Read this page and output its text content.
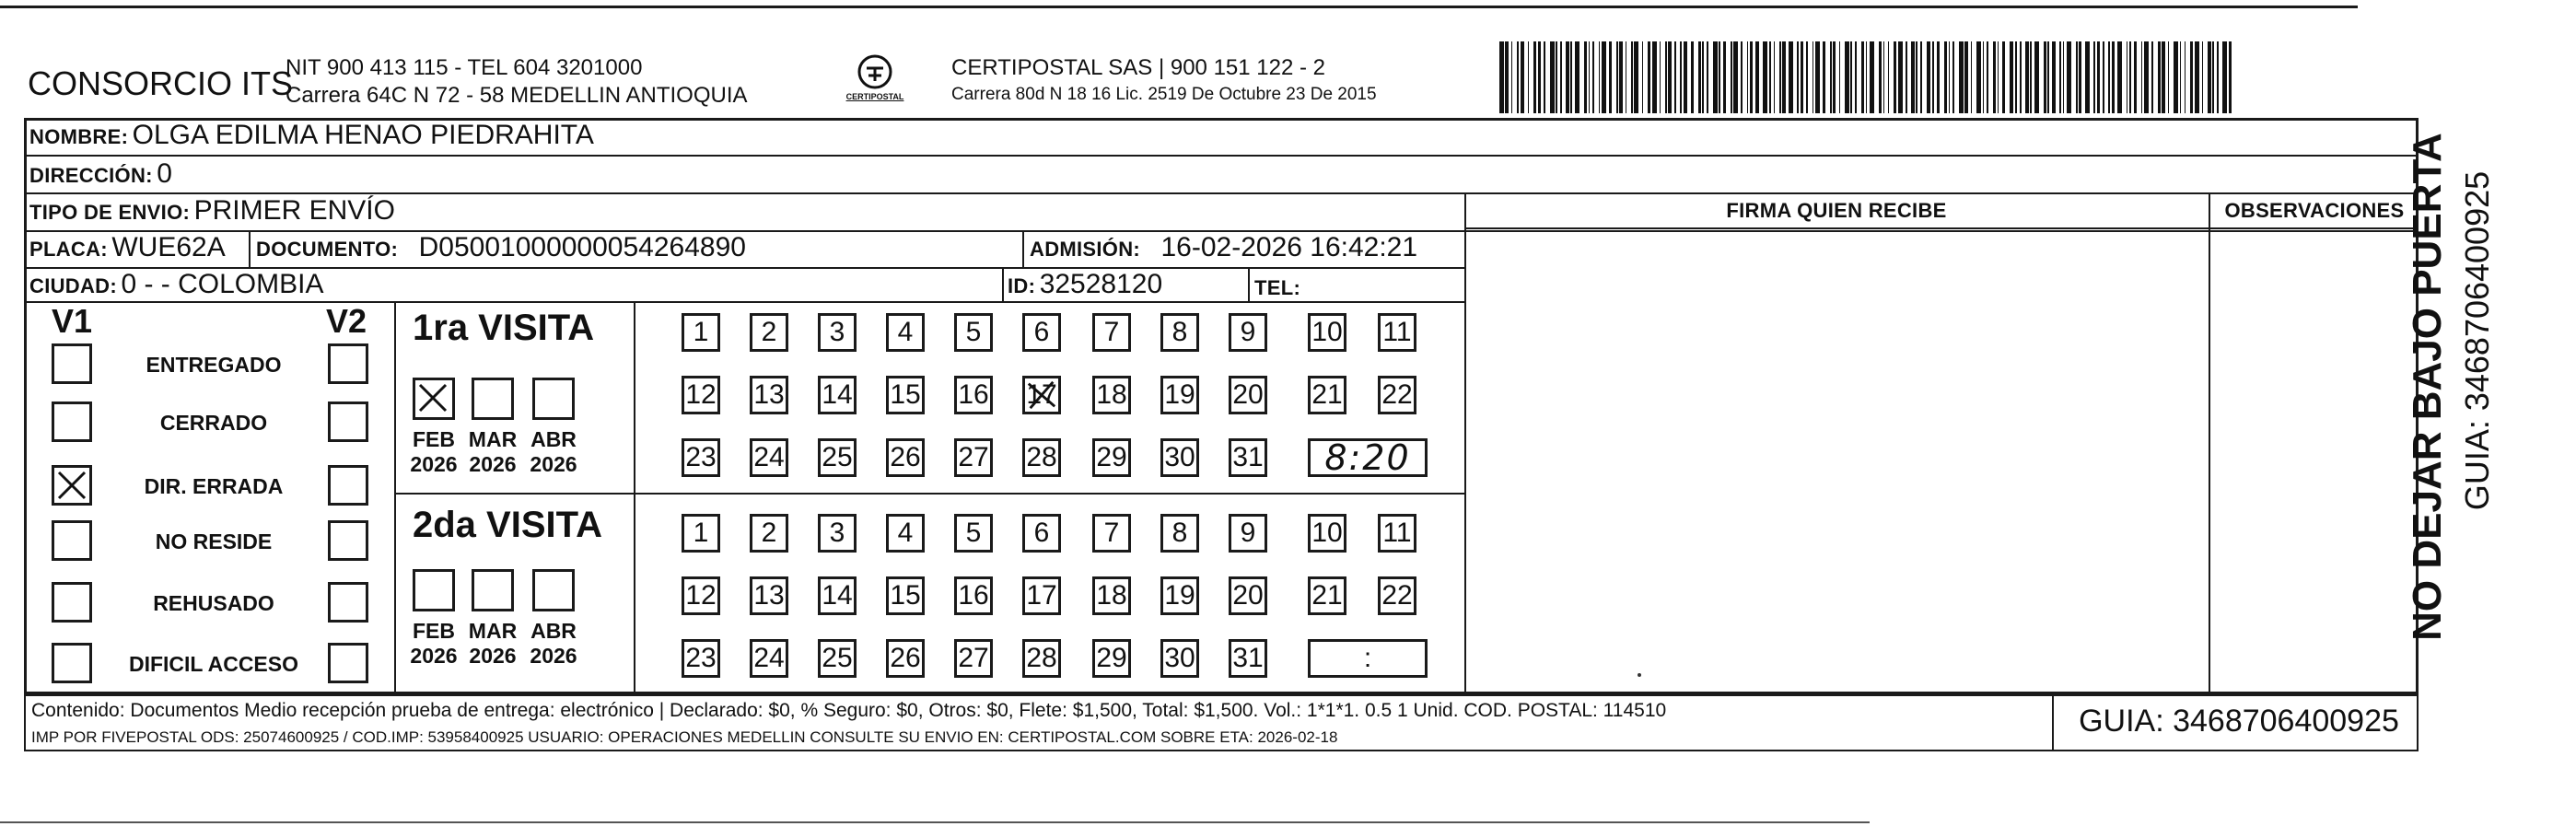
CONSORCIO ITS
NIT 900 413 115 - TEL 604 3201000
Carrera 64C N 72 - 58 MEDELLIN ANTIOQUIA	CERTIPOSTAL
CERTIPOSTAL SAS | 900 151 122 - 2
Carrera 80d N 18 16 Lic. 2519 De Octubre 23 De 2015
NOMBRE: OLGA EDILMA HENAO PIEDRAHITA
DIRECCIÓN: 0
TIPO DE ENVIO: PRIMER ENVÍO
PLACA: WUE62A DOCUMENTO: D05001000000054264890	ADMISIÓN: 16-02-2026 16:42:21
CIUDAD: 0 - - COLOMBIA	ID: 32528120	TEL:
FIRMA QUIEN RECIBE	OBSERVACIONES
V1	V2
ENTREGADO
CERRADO
DIR. ERRADA
NO RESIDE
REHUSADO
DIFICIL ACCESO
1ra VISITA
FEB
2026
MAR
2026
ABR
2026
1	2	3	4	5	6	7	8	9	10 11
12 13 14 15 16 17 18 19 20 21 22
23 24 25 26 27 28 29 30 31	8:20
2da VISITA
FEB
2026
MAR
2026
ABR
2026
1	2	3	4	5	6	7	8	9	10 11
12 13 14 15 16 17 18 19 20 21 22
23 24 25 26 27 28 29 30 31	:
Contenido: Documentos Medio recepción prueba de entrega: electrónico | Declarado: $0, % Seguro: $0, Otros: $0, Flete: $1,500, Total: $1,500. Vol.: 1*1*1. 0.5 1 Unid. COD. POSTAL: 114510
IMP POR FIVEPOSTAL ODS: 25074600925 / COD.IMP: 53958400925 USUARIO: OPERACIONES MEDELLIN CONSULTE SU ENVIO EN: CERTIPOSTAL.COM SOBRE ETA: 2026-02-18	GUIA: 3468706400925
NO DEJAR BAJO PUERTA GUIA: 3468706400925
